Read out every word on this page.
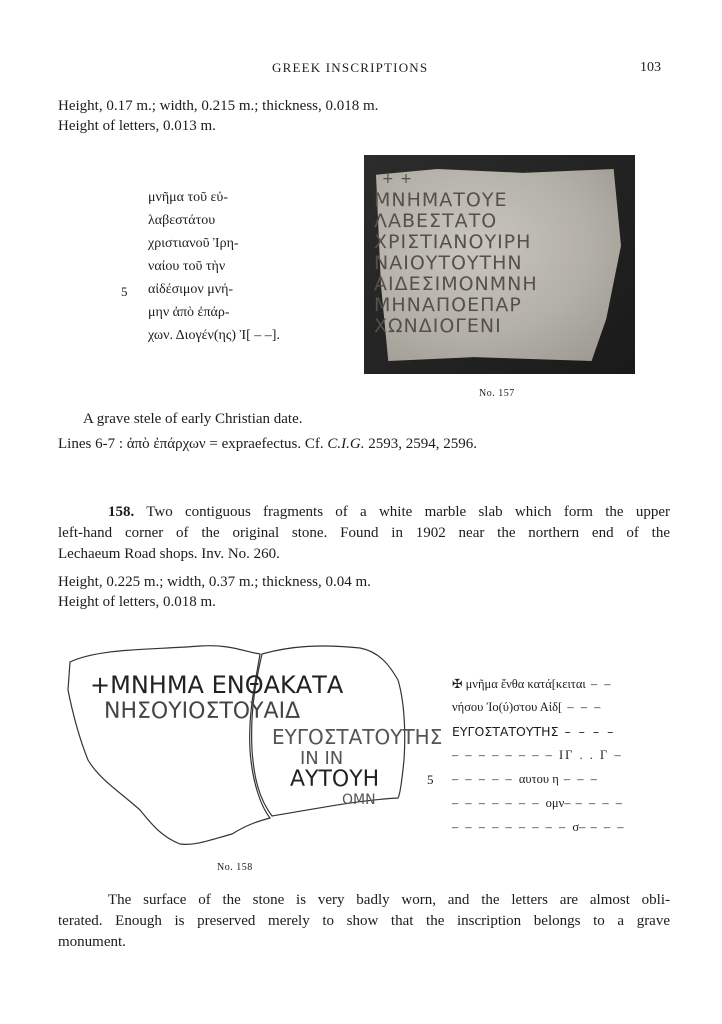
GREEK INSCRIPTIONS	103
Height, 0.17 m.; width, 0.215 m.; thickness, 0.018 m.
Height of letters, 0.013 m.
μνῆμα τοῦ εὐ-
λαβεστάτου
χριστιανοῦ Ἰρη-
ναίου τοῦ τὴν
αἰδέσιμον μνή-
μην ἀπὸ ἐπάρ-
χων. Διογέν(ης) Ἰ[ – –].
5
+ +
ΜΝΗΜΑΤΟΥΕ
ΛΑΒΕΣΤΑΤΟ
ΧΡΙΣΤΙΑΝΟΥΙΡΗ
ΝΑΙΟΥΤΟΥΤΗΝ
ΑΙΔΕΣΙΜΟΝΜΝΗ
ΜΗΝΑΠΟΕΠΑΡ
ΧΩΝΔΙΟΓΕΝΙ
No. 157
A grave stele of early Christian date.
Lines 6-7 : ἀπὸ ἐπάρχων = expraefectus. Cf. C.I.G. 2593, 2594, 2596.
158. Two contiguous fragments of a white marble slab which form the upper
left-hand corner of the original stone. Found in 1902 near the northern end of the
Lechaeum Road shops. Inv. No. 260.
Height, 0.225 m.; width, 0.37 m.; thickness, 0.04 m.
Height of letters, 0.018 m.
+ΜΝΗΜΑ ΕΝΘΑΚΑΤΑ
ΝΗΣΟΥΙΟΣΤΟΥΑΙΔ
ΕΥΓΟΣΤΑΤΟΥΤΗΣ
ΙΝ ΙΝ
ΑΥΤΟΥΗ
ΟΜΝ
No. 158
✠ μνῆμα ἔνθα κατά[κειται – –
νήσου Ἰο(ύ)στου Αἰδ[ – – –
ΕΥΓΟΣΤΑΤΟΥΤΗΣ – – – –
– – – – – – – – ΙΓ . . Γ –
– – – – – αυτου η – – –
– – – – – – – ομν– – – – –
– – – – – – – – – σ– – – –
5
The surface of the stone is very badly worn, and the letters are almost obli-
terated. Enough is preserved merely to show that the inscription belongs to a grave
monument.
